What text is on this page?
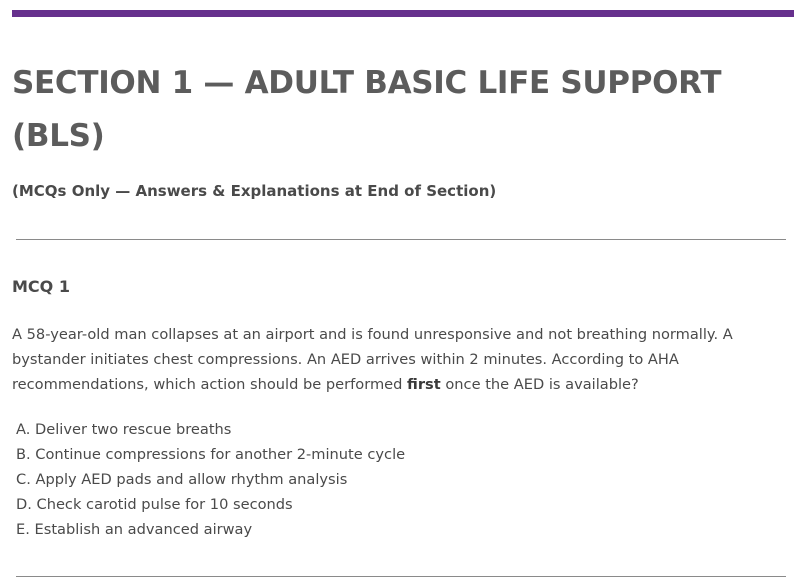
SECTION 1 — ADULT BASIC LIFE SUPPORT (BLS)

(MCQs Only — Answers & Explanations at End of Section)

MCQ 1

A 58-year-old man collapses at an airport and is found unresponsive and not breathing normally. A bystander initiates chest compressions. An AED arrives within 2 minutes. According to AHA recommendations, which action should be performed first once the AED is available?

A. Deliver two rescue breaths
B. Continue compressions for another 2-minute cycle
C. Apply AED pads and allow rhythm analysis
D. Check carotid pulse for 10 seconds
E. Establish an advanced airway
